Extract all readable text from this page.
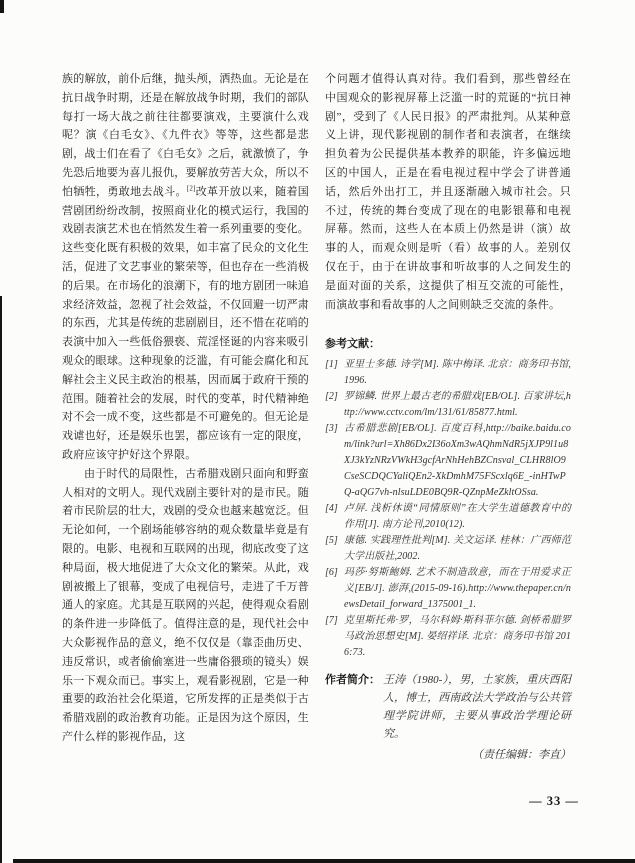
族的解放，前仆后继，抛头颅，洒热血。无论是在抗日战争时期，还是在解放战争时期，我们的部队每打一场大战之前往往都要演戏，主要演什么戏呢？演《白毛女》、《九件衣》等等，这些都是悲剧，战士们在看了《白毛女》之后，就激愤了，争先恐后地要为喜儿报仇，要解放劳苦大众，所以不怕牺牲，勇敢地去战斗。[2]改革开放以来，随着国营剧团纷纷改制，按照商业化的模式运行，我国的戏剧表演艺术也在悄然发生着一系列重要的变化。这些变化既有积极的效果，如丰富了民众的文化生活，促进了文艺事业的繁荣等，但也存在一些消极的后果。在市场化的浪潮下，有的地方剧团一味追求经济效益，忽视了社会效益，不仅回避一切严肃的东西，尤其是传统的悲剧剧目，还不惜在花哨的表演中加入一些低俗猥亵、荒淫怪诞的内容来吸引观众的眼球。这种现象的泛滥，有可能会腐化和瓦解社会主义民主政治的根基，因而属于政府干预的范围。随着社会的发展，时代的变革，时代精神绝对不会一成不变，这些都是不可避免的。但无论是戏谑也好，还是娱乐也罢，都应该有一定的限度，政府应该守护好这个界限。

由于时代的局限性，古希腊戏剧只面向和野蛮人相对的文明人。现代戏剧主要针对的是市民。随着市民阶层的壮大，戏剧的受众也越来越宽泛。但无论如何，一个剧场能够容纳的观众数量毕竟是有限的。电影、电视和互联网的出现，彻底改变了这种局面，极大地促进了大众文化的繁荣。从此，戏剧被搬上了银幕，变成了电视信号，走进了千万普通人的家庭。尤其是互联网的兴起，使得观众看剧的条件进一步降低了。值得注意的是，现代社会中大众影视作品的意义，绝不仅仅是（靠歪曲历史、违反常识，或者偷偷塞进一些庸俗猥琐的镜头）娱乐一下观众而已。事实上，观看影视剧，它是一种重要的政治社会化渠道，它所发挥的正是类似于古希腊戏剧的政治教育功能。正是因为这个原因，生产什么样的影视作品，这

个问题才值得认真对待。我们看到，那些曾经在中国观众的影视屏幕上泛滥一时的荒诞的“抗日神剧”，受到了《人民日报》的严肃批判。从某种意义上讲，现代影视剧的制作者和表演者，在继续担负着为公民提供基本教养的职能，许多偏远地区的中国人，正是在看电视过程中学会了讲普通话，然后外出打工，并且逐渐融入城市社会。只不过，传统的舞台变成了现在的电影银幕和电视屏幕。然而，这些人在本质上仍然是讲（演）故事的人，而观众则是听（看）故事的人。差别仅仅在于，由于在讲故事和听故事的人之间发生的是面对面的关系，这提供了相互交流的可能性，而演故事和看故事的人之间则缺乏交流的条件。

参考文献：
[1] 亚里士多德. 诗学[M]. 陈中梅译. 北京：商务印书馆,1996.
[2] 罗锦鳞. 世界上最古老的希腊戏[EB/OL]. 百家讲坛,http://www.cctv.com/lm/131/61/85877.html.
[3] 古希腊悲剧[EB/OL]. 百度百科,http://baike.baidu.com/link?url=Xh86Dx2I36oXm3wAQhmNdR5jXJP9l1u8XJ3kYzNRzVWkH3gcfArNhHehBZCnsval_CLHR8lO9CseSCDQCYaliQEn2-XkDmhM75FScxlq6E_-inHTwPQ-aQG7vh-nlsuLDE0BQ9R-QZnpMeZkltOSsa.
[4] 卢屏. 浅析休谟“同情原则”在大学生道德教育中的作用[J]. 南方论刊,2010(12).
[5] 康德. 实践理性批判[M]. 关文运译. 桂林：广西师范大学出版社,2002.
[6] 玛莎·努斯鲍姆. 艺术不制造敌意，而在于用爱求正义[EB/J]. 澎湃,(2015-09-16).http://www.thepaper.cn/newsDetail_forward_1375001_1.
[7] 克里斯托弗·罗，马尔科姆·斯科菲尔德. 剑桥希腊罗马政治思想史[M]. 晏绍祥译. 北京：商务印书馆 2016:73.
作者简介： 王涛（1980-），男，土家族，重庆酉阳人，博士，西南政法大学政治与公共管理学院讲师，主要从事政治学理论研究。
（责任编辑：李直）
— 33 —
